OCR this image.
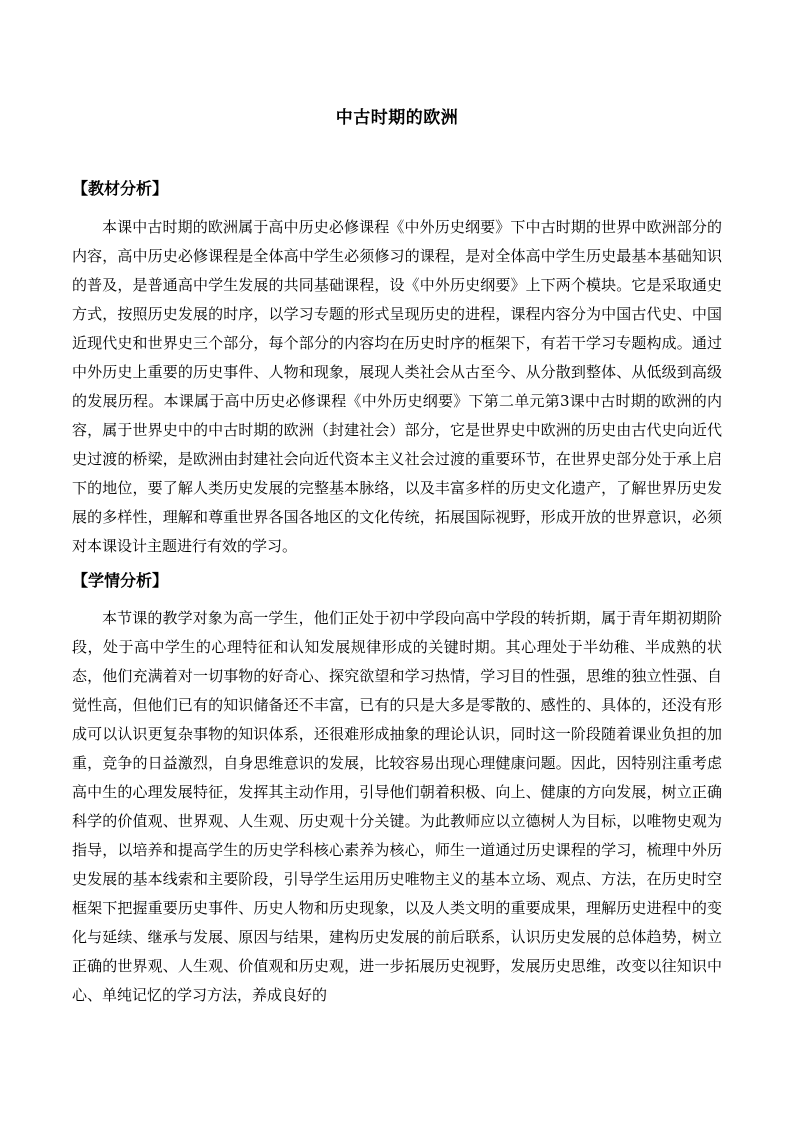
中古时期的欧洲
【教材分析】

本课中古时期的欧洲属于高中历史必修课程《中外历史纲要》下中古时期的世界中欧洲部分的内容，高中历史必修课程是全体高中学生必须修习的课程，是对全体高中学生历史最基本基础知识的普及，是普通高中学生发展的共同基础课程，设《中外历史纲要》上下两个模块。它是采取通史方式，按照历史发展的时序，以学习专题的形式呈现历史的进程，课程内容分为中国古代史、中国近现代史和世界史三个部分，每个部分的内容均在历史时序的框架下，有若干学习专题构成。通过中外历史上重要的历史事件、人物和现象，展现人类社会从古至今、从分散到整体、从低级到高级的发展历程。本课属于高中历史必修课程《中外历史纲要》下第二单元第3课中古时期的欧洲的内容，属于世界史中的中古时期的欧洲（封建社会）部分，它是世界史中欧洲的历史由古代史向近代史过渡的桥梁，是欧洲由封建社会向近代资本主义社会过渡的重要环节，在世界史部分处于承上启下的地位，要了解人类历史发展的完整基本脉络，以及丰富多样的历史文化遗产，了解世界历史发展的多样性，理解和尊重世界各国各地区的文化传统，拓展国际视野，形成开放的世界意识，必须对本课设计主题进行有效的学习。

【学情分析】

本节课的教学对象为高一学生，他们正处于初中学段向高中学段的转折期，属于青年期初期阶段，处于高中学生的心理特征和认知发展规律形成的关键时期。其心理处于半幼稚、半成熟的状态，他们充满着对一切事物的好奇心、探究欲望和学习热情，学习目的性强，思维的独立性强、自觉性高，但他们已有的知识储备还不丰富，已有的只是大多是零散的、感性的、具体的，还没有形成可以认识更复杂事物的知识体系，还很难形成抽象的理论认识，同时这一阶段随着课业负担的加重，竞争的日益激烈，自身思维意识的发展，比较容易出现心理健康问题。因此，因特别注重考虑高中生的心理发展特征，发挥其主动作用，引导他们朝着积极、向上、健康的方向发展，树立正确科学的价值观、世界观、人生观、历史观十分关键。为此教师应以立德树人为目标，以唯物史观为指导，以培养和提高学生的历史学科核心素养为核心，师生一道通过历史课程的学习，梳理中外历史发展的基本线索和主要阶段，引导学生运用历史唯物主义的基本立场、观点、方法，在历史时空框架下把握重要历史事件、历史人物和历史现象，以及人类文明的重要成果，理解历史进程中的变化与延续、继承与发展、原因与结果，建构历史发展的前后联系，认识历史发展的总体趋势，树立正确的世界观、人生观、价值观和历史观，进一步拓展历史视野，发展历史思维，改变以往知识中心、单纯记忆的学习方法，养成良好的
